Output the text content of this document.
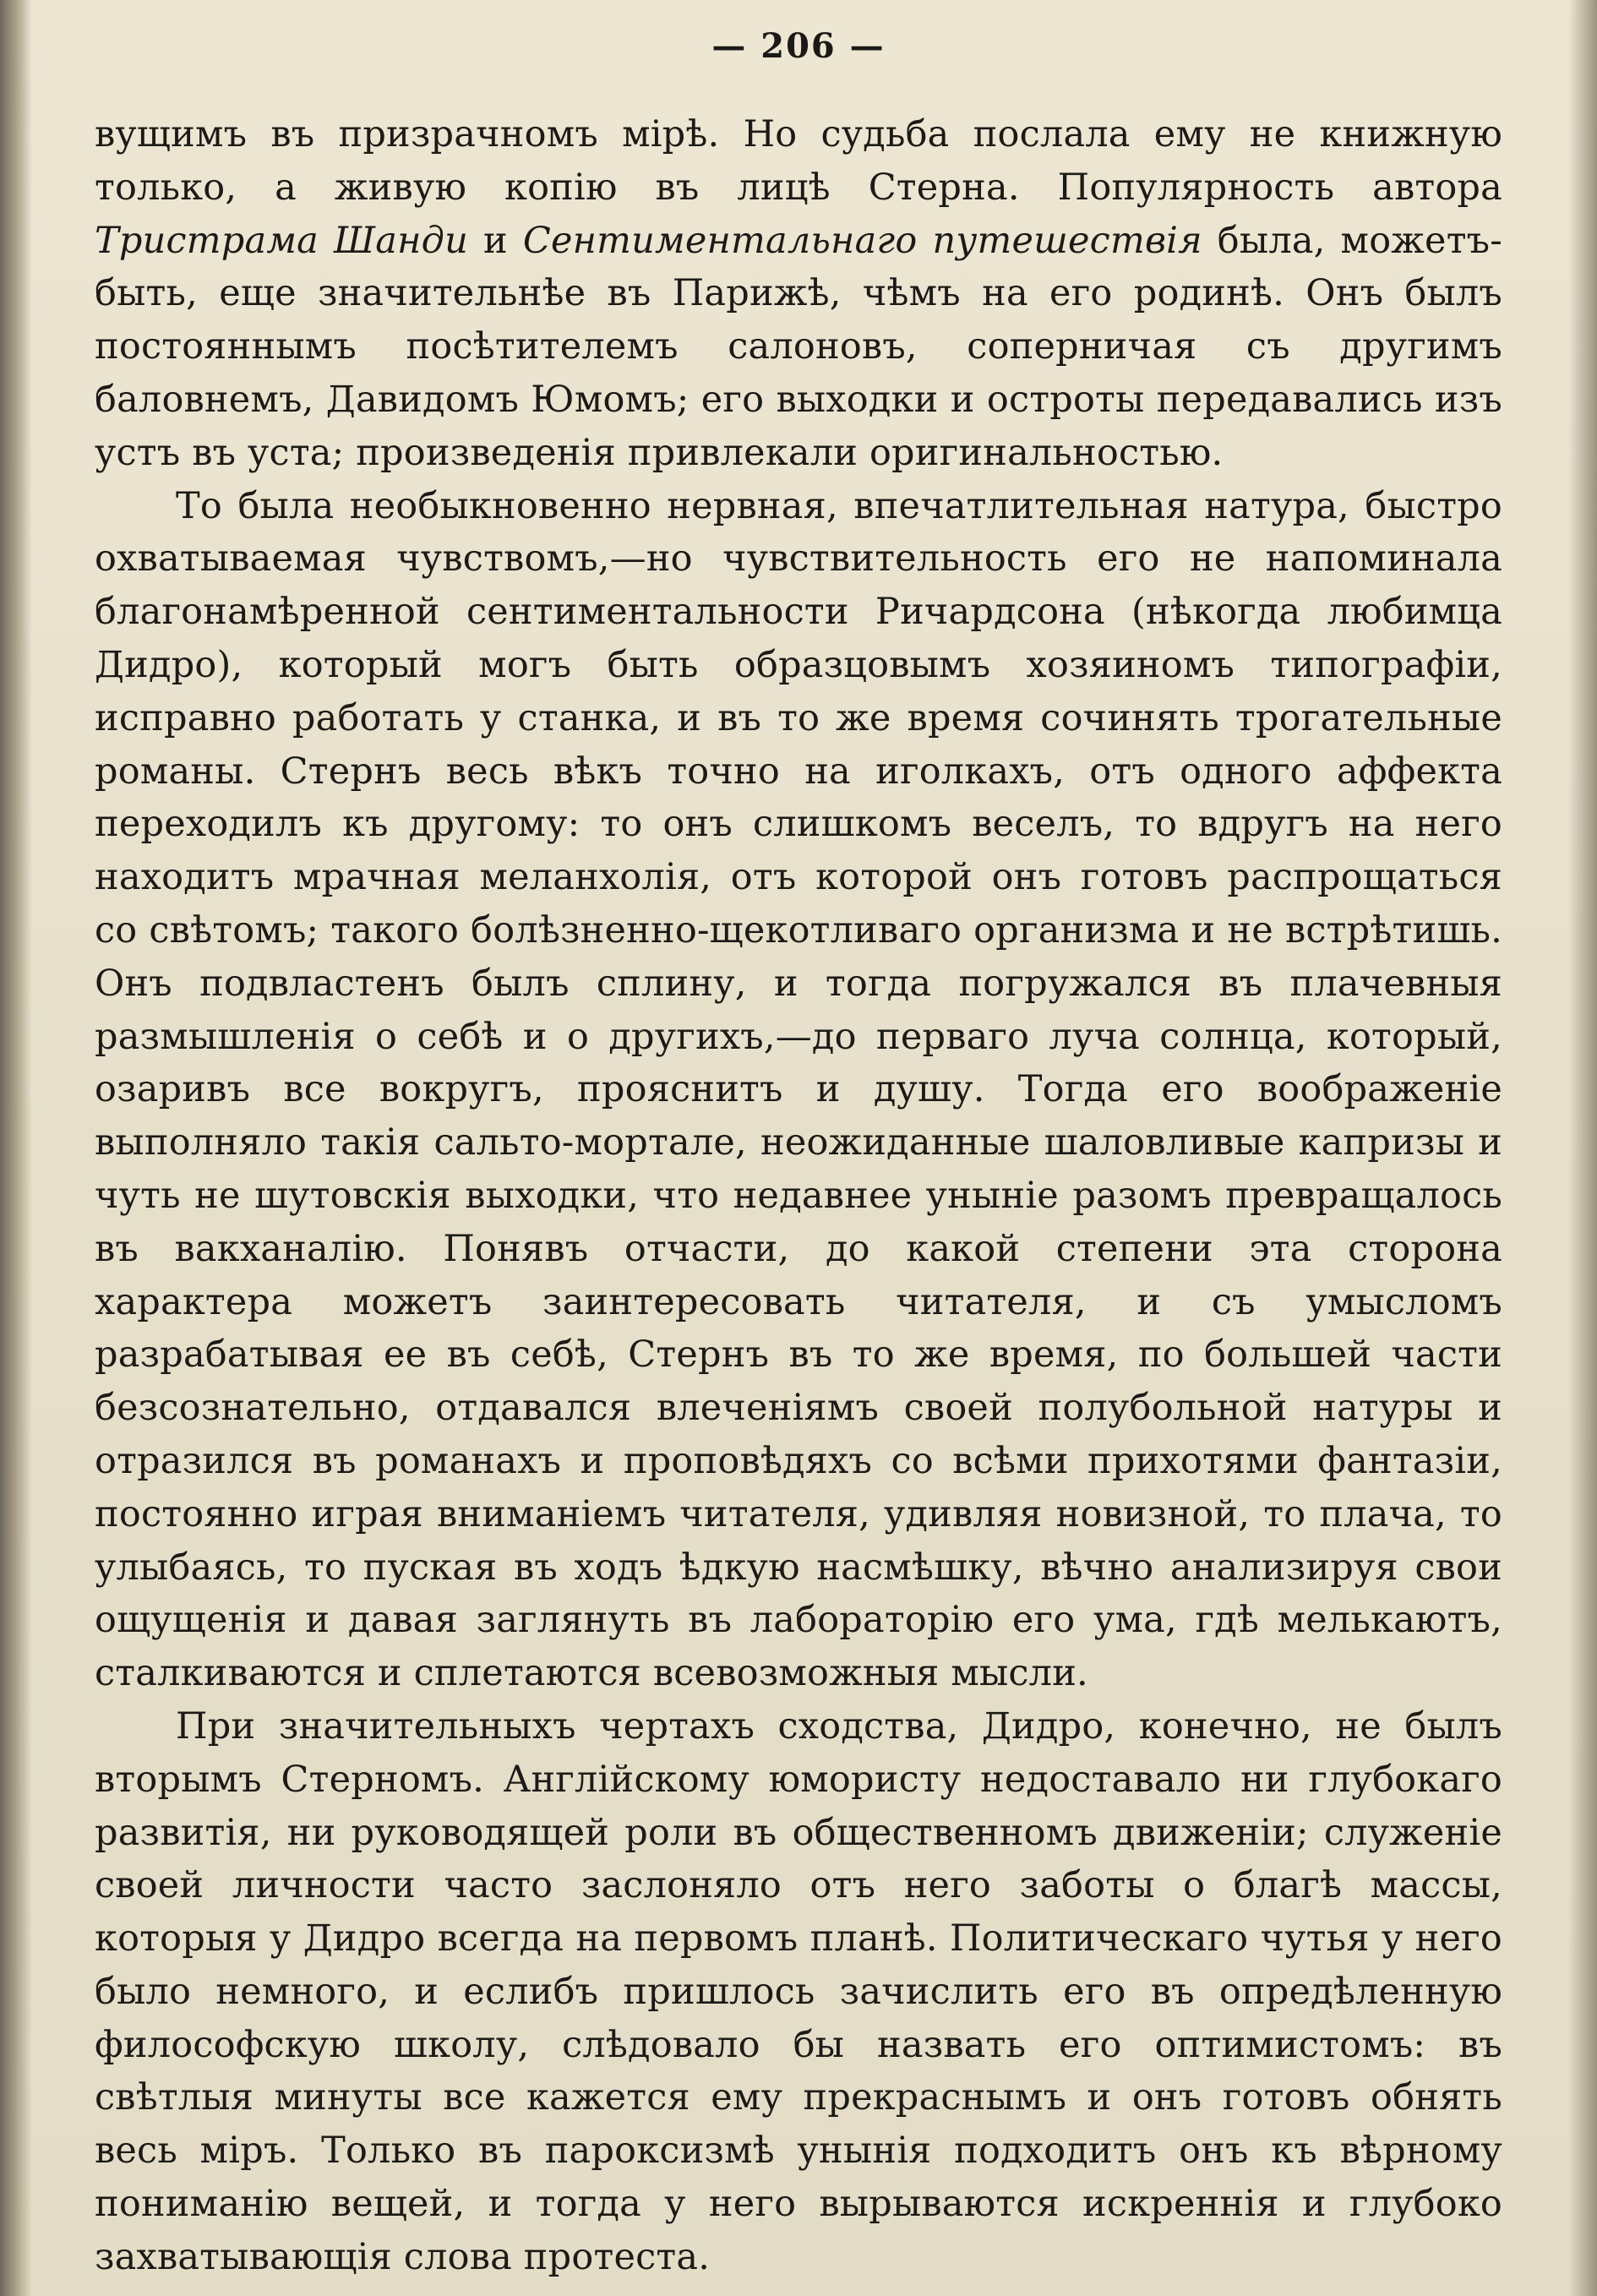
— 206 —

вущимъ въ призрачномъ мірѣ. Но судьба послала ему не книжную только, а живую копію въ лицѣ Стерна. Популярность автора Тристрама Шанди и Сентиментальнаго путешествія была, можетъ-быть, еще значительнѣе въ Парижѣ, чѣмъ на его родинѣ. Онъ былъ постояннымъ посѣтителемъ салоновъ, соперничая съ другимъ баловнемъ, Давидомъ Юмомъ; его выходки и остроты передавались изъ устъ въ уста; произведенія привлекали оригинальностью.

То была необыкновенно нервная, впечатлительная натура, быстро охватываемая чувствомъ,—но чувствительность его не напоминала благонамѣренной сентиментальности Ричардсона (нѣкогда любимца Дидро), который могъ быть образцовымъ хозяиномъ типографіи, исправно работать у станка, и въ то же время сочинять трогательные романы. Стернъ весь вѣкъ точно на иголкахъ, отъ одного аффекта переходилъ къ другому: то онъ слишкомъ веселъ, то вдругъ на него находитъ мрачная меланхолія, отъ которой онъ готовъ распрощаться со свѣтомъ; такого болѣзненно-щекотливаго организма и не встрѣтишь. Онъ подвластенъ былъ сплину, и тогда погружался въ плачевныя размышленія о себѣ и о другихъ,—до перваго луча солнца, который, озаривъ все вокругъ, прояснитъ и душу. Тогда его воображеніе выполняло такія сальто-мортале, неожиданные шаловливые капризы и чуть не шутовскія выходки, что недавнее уныніе разомъ превращалось въ вакханалію. Понявъ отчасти, до какой степени эта сторона характера можетъ заинтересовать читателя, и съ умысломъ разрабатывая ее въ себѣ, Стернъ въ то же время, по большей части безсознательно, отдавался влеченіямъ своей полубольной натуры и отразился въ романахъ и проповѣдяхъ со всѣми прихотями фантазіи, постоянно играя вниманіемъ читателя, удивляя новизной, то плача, то улыбаясь, то пуская въ ходъ ѣдкую насмѣшку, вѣчно анализируя свои ощущенія и давая заглянуть въ лабораторію его ума, гдѣ мелькаютъ, сталкиваются и сплетаются всевозможныя мысли.

При значительныхъ чертахъ сходства, Дидро, конечно, не былъ вторымъ Стерномъ. Англійскому юмористу недоставало ни глубокаго развитія, ни руководящей роли въ общественномъ движеніи; служеніе своей личности часто заслоняло отъ него заботы о благѣ массы, которыя у Дидро всегда на первомъ планѣ. Политическаго чутья у него было немного, и еслибъ пришлось зачислить его въ опредѣленную философскую школу, слѣдовало бы назвать его оптимистомъ: въ свѣтлыя минуты все кажется ему прекраснымъ и онъ готовъ обнять весь міръ. Только въ пароксизмѣ унынія подходитъ онъ къ вѣрному пониманію вещей, и тогда у него вырываются искреннія и глубоко захватывающія слова протеста.
